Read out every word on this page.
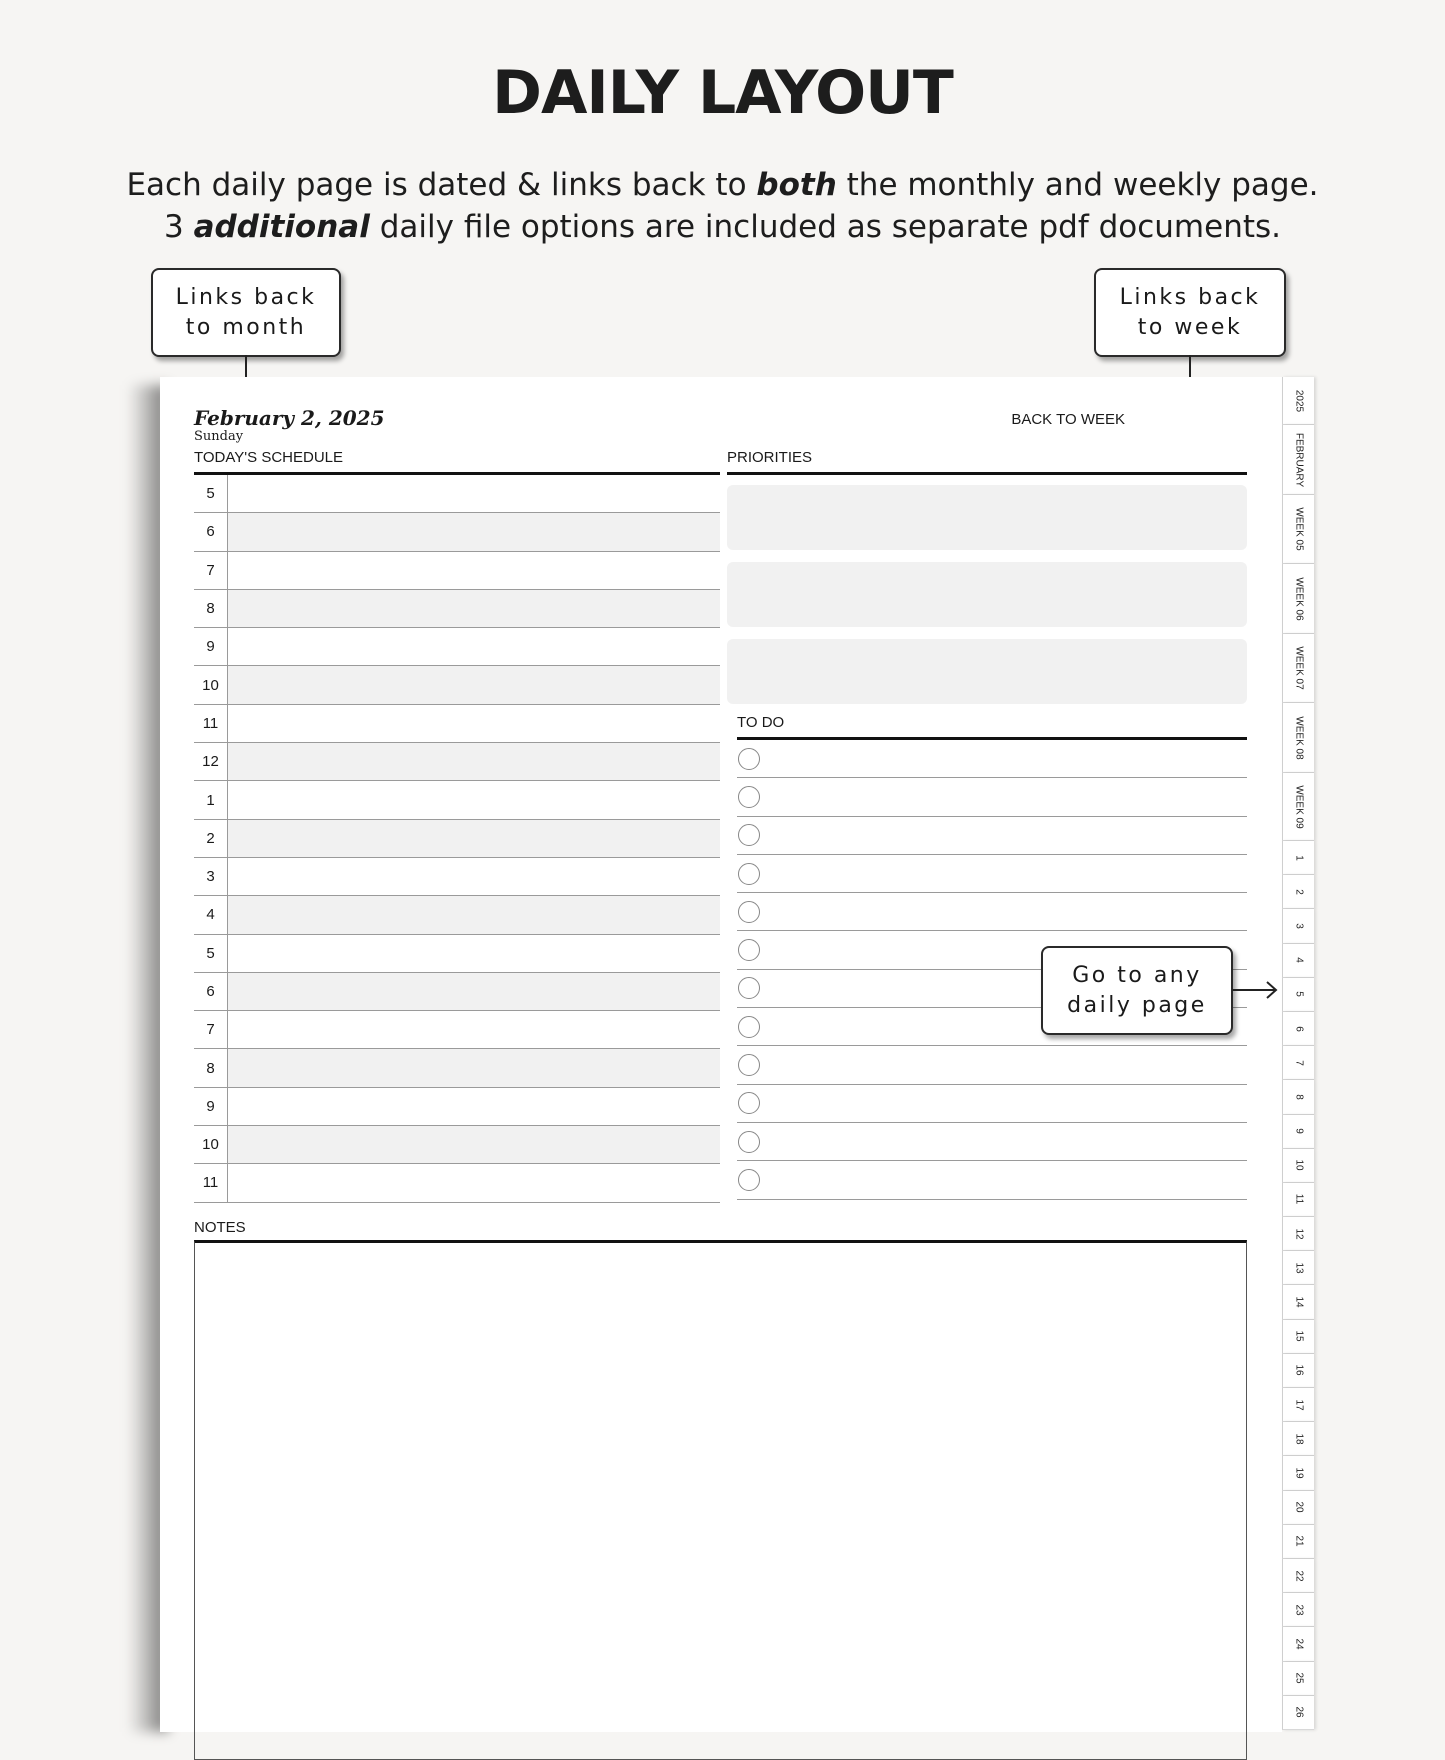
DAILY LAYOUT
Each daily page is dated & links back to both the monthly and weekly page.
3 additional daily file options are included as separate pdf documents.
Links back
to month
Links back
to week
February 2, 2025
Sunday
BACK TO WEEK
TODAY'S SCHEDULE
5
6
7
8
9
10
11
12
1
2
3
4
5
6
7
8
9
10
11
PRIORITIES
TO DO
NOTES
Go to any
daily page
2025
FEBRUARY
WEEK 05
WEEK 06
WEEK 07
WEEK 08
WEEK 09
1
2
3
4
5
6
7
8
9
10
11
12
13
14
15
16
17
18
19
20
21
22
23
24
25
26
